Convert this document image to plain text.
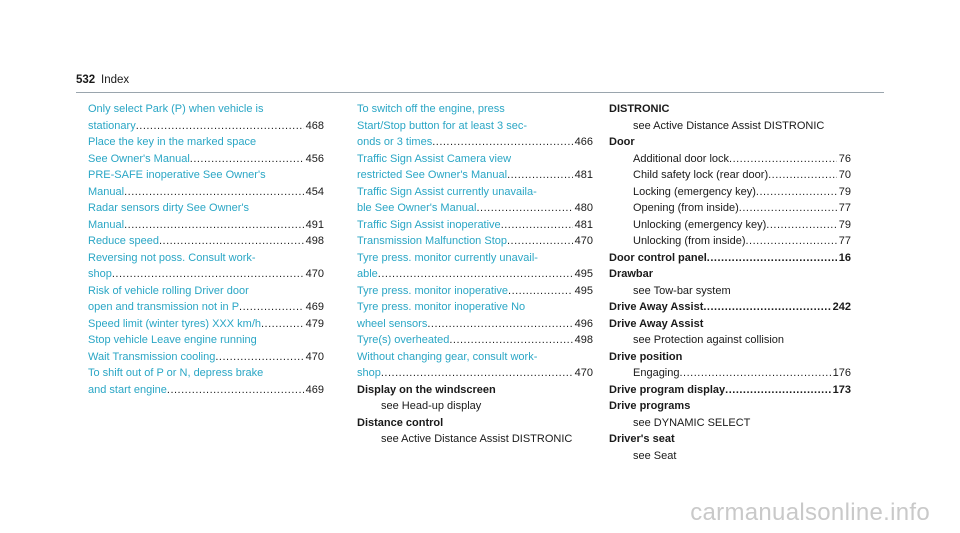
532 Index
Only select Park (P) when vehicle is
stationary .....	468
Place the key in the marked space
See Owner's Manual .....	456
PRE-SAFE inoperative See Owner's
Manual .....	454
Radar sensors dirty See Owner's
Manual .....	491
Reduce speed .....	498
Reversing not poss. Consult work-
shop .....	470
Risk of vehicle rolling Driver door
open and transmission not in P .....	469
Speed limit (winter tyres) XXX km/h .....	479
Stop vehicle Leave engine running
Wait Transmission cooling .....	470
To shift out of P or N, depress brake
and start engine .....	469
To switch off the engine, press
Start/Stop button for at least 3 sec-
onds or 3 times .....	466
Traffic Sign Assist Camera view
restricted See Owner's Manual .....	481
Traffic Sign Assist currently unavaila-
ble See Owner's Manual .....	480
Traffic Sign Assist inoperative .....	481
Transmission Malfunction Stop .....	470
Tyre press. monitor currently unavail-
able .....	495
Tyre press. monitor inoperative .....	495
Tyre press. monitor inoperative No
wheel sensors .....	496
Tyre(s) overheated .....	498
Without changing gear, consult work-
shop .....	470
Display on the windscreen
see Head-up display
Distance control
see Active Distance Assist DISTRONIC
DISTRONIC
see Active Distance Assist DISTRONIC
Door
Additional door lock .....	76
Child safety lock (rear door) .....	70
Locking (emergency key) .....	79
Opening (from inside) .....	77
Unlocking (emergency key) .....	79
Unlocking (from inside) .....	77
Door control panel .....	16
Drawbar
see Tow-bar system
Drive Away Assist .....	242
Drive Away Assist
see Protection against collision
Drive position
Engaging .....	176
Drive program display .....	173
Drive programs
see DYNAMIC SELECT
Driver's seat
see Seat
carmanualsonline.info
